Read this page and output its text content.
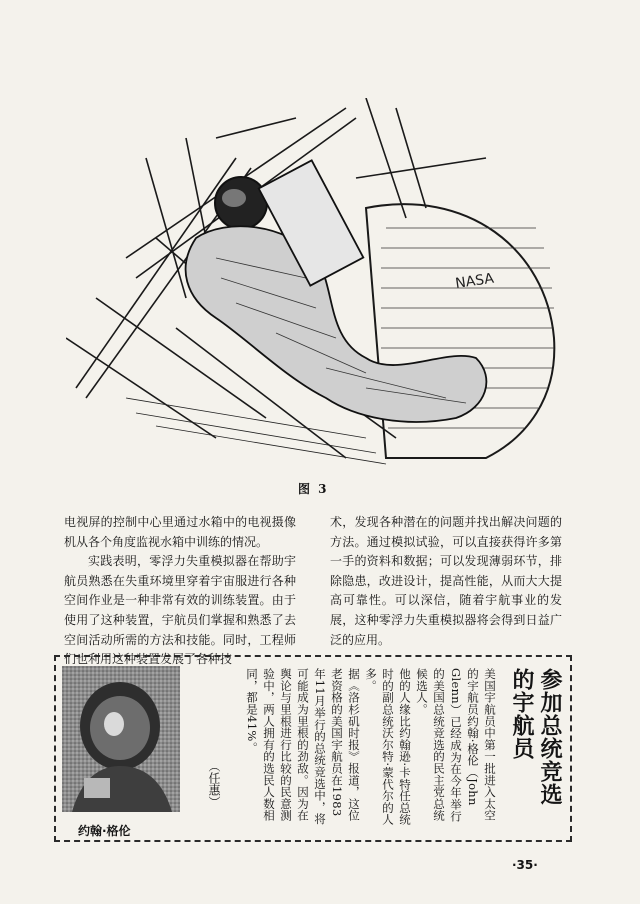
NASA
图 3

电视屏的控制中心里通过水箱中的电视摄像机从各个角度监视水箱中训练的情况。

实践表明，零浮力失重模拟器在帮助宇航员熟悉在失重环境里穿着宇宙服进行各种空间作业是一种非常有效的训练装置。由于使用了这种装置，宇航员们掌握和熟悉了去空间活动所需的方法和技能。同时，工程师们也利用这种装置发展了各种技

术，发现各种潜在的问题并找出解决问题的方法。通过模拟试验，可以直接获得许多第一手的资料和数据；可以发现薄弱环节，排除隐患，改进设计，提高性能，从而大大提高可靠性。可以深信，随着宇航事业的发展，这种零浮力失重模拟器将会得到日益广泛的应用。

参加总统竞选的宇航员

美国宇航员中第一批进入太空的宇航员约翰·格伦（John Glenn）已经成为在今年举行的美国总统竞选的民主党总统候选人。

他的人缘比约翰逊·卡特任总统时的副总统沃尔特·蒙代尔的人多。

据《洛杉矶时报》报道，这位老资格的美国宇航员在1983年11月举行的总统竞选中，将可能成为里根的劲敌。因为在舆论与里根进行比较的民意测验中，两人拥有的选民人数相同，都是41%。

（任惠）
约翰·格伦
·35·
